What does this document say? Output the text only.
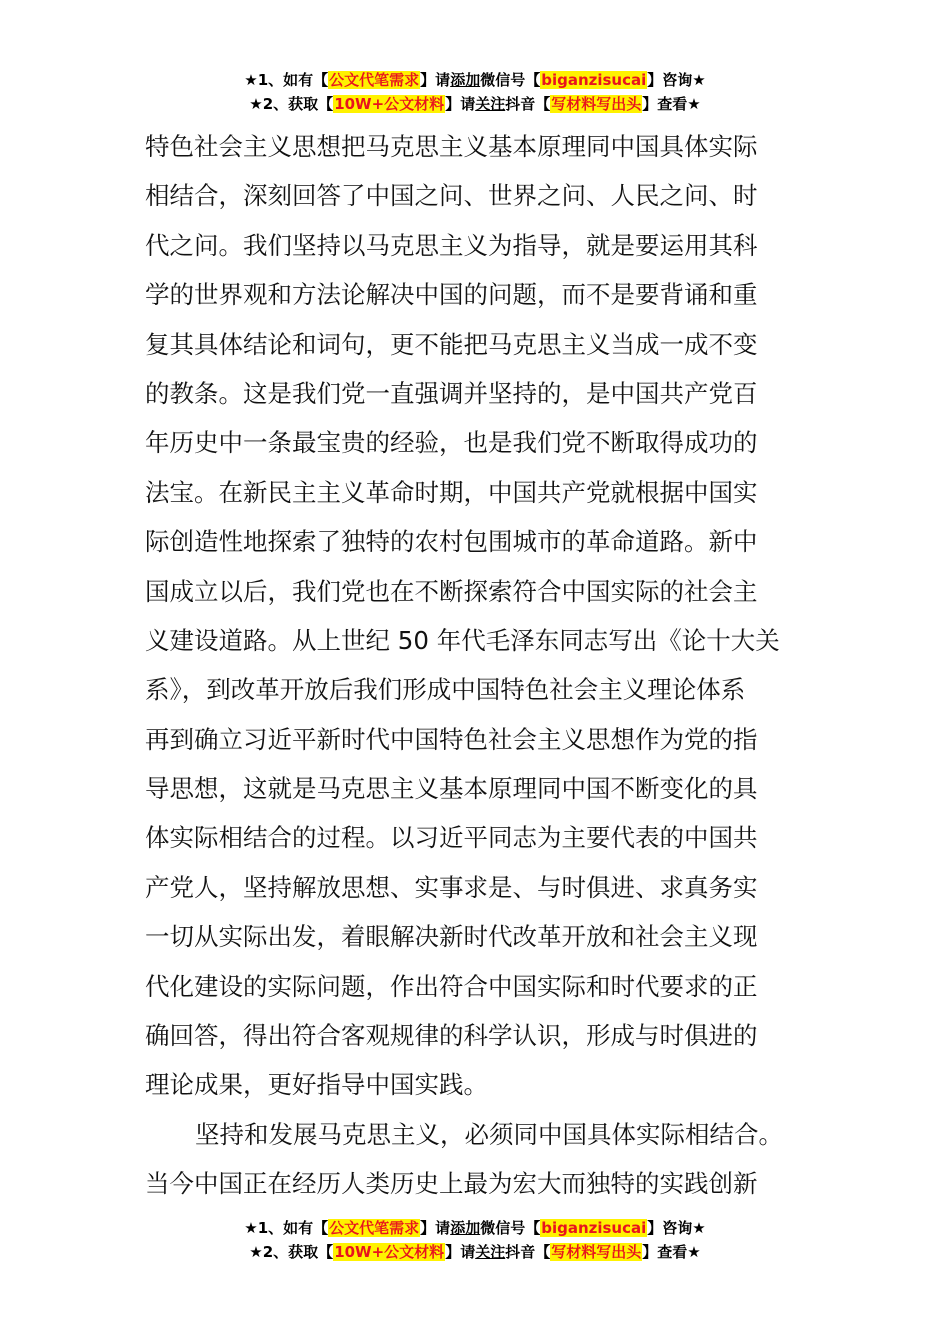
★1、如有【公文代笔需求】请添加微信号【biganzisucai】咨询★
★2、获取【10W+公文材料】请关注抖音【写材料写出头】查看★
特色社会主义思想把马克思主义基本原理同中国具体实际
相结合，深刻回答了中国之问、世界之问、人民之问、时
代之问。我们坚持以马克思主义为指导，就是要运用其科
学的世界观和方法论解决中国的问题，而不是要背诵和重
复其具体结论和词句，更不能把马克思主义当成一成不变
的教条。这是我们党一直强调并坚持的，是中国共产党百
年历史中一条最宝贵的经验，也是我们党不断取得成功的
法宝。在新民主主义革命时期，中国共产党就根据中国实
际创造性地探索了独特的农村包围城市的革命道路。新中
国成立以后，我们党也在不断探索符合中国实际的社会主
义建设道路。从上世纪 50 年代毛泽东同志写出《论十大关
系》，到改革开放后我们形成中国特色社会主义理论体系
再到确立习近平新时代中国特色社会主义思想作为党的指
导思想，这就是马克思主义基本原理同中国不断变化的具
体实际相结合的过程。以习近平同志为主要代表的中国共
产党人，坚持解放思想、实事求是、与时俱进、求真务实
一切从实际出发，着眼解决新时代改革开放和社会主义现
代化建设的实际问题，作出符合中国实际和时代要求的正
确回答，得出符合客观规律的科学认识，形成与时俱进的
理论成果，更好指导中国实践。
坚持和发展马克思主义，必须同中国具体实际相结合。
当今中国正在经历人类历史上最为宏大而独特的实践创新
★1、如有【公文代笔需求】请添加微信号【biganzisucai】咨询★
★2、获取【10W+公文材料】请关注抖音【写材料写出头】查看★
